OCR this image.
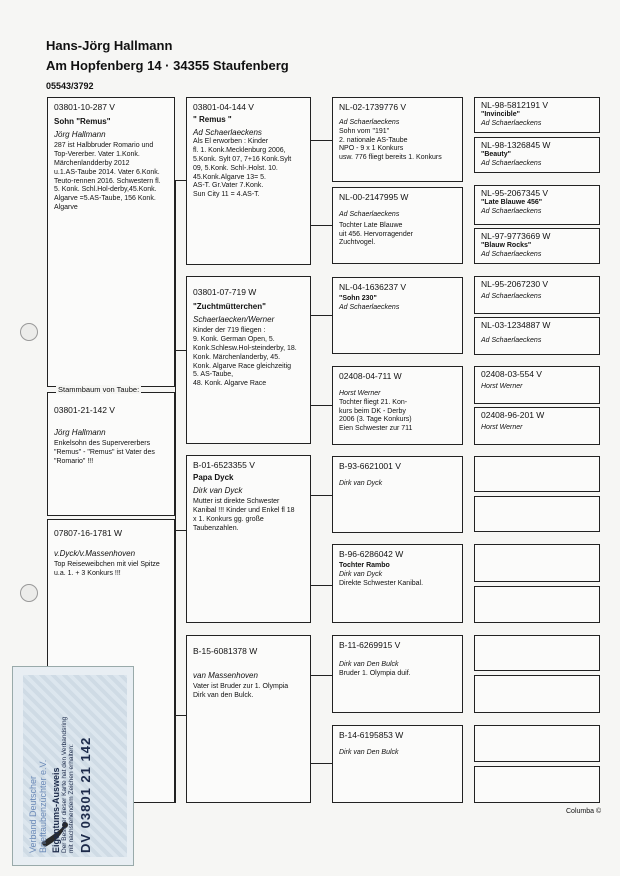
Hans-Jörg Hallmann
Am Hopfenberg 14 · 34355 Staufenberg
05543/3792
03801-10-287 V
Sohn "Remus"
Jörg Hallmann
287 ist Halbbruder Romario und Top-Vererber. Vater 1.Konk. Märchenlandderby 2012
u.1.AS-Taube 2014. Vater 6.Konk. Teuto-rennen 2016. Schwestern fl. 5. Konk. Schl.Hol-derby,45.Konk. Algarve =5.AS-Taube, 156 Konk. Algarve
03801-21-142 V
Jörg Hallmann
Enkelsohn des Supervererbers "Remus" - "Remus" ist Vater des "Romario" !!!
Stammbaum von Taube:
07807-16-1781 W
v.Dyck/v.Massenhoven
Top Reiseweibchen mit viel Spitze u.a. 1. + 3 Konkurs !!!
03801-04-144 V
" Remus "
Ad Schaerlaeckens
Als El erworben : Kinder
fl. 1. Konk.Mecklenburg 2006,
5.Konk. Sylt 07, 7+16 Konk.Sylt
09, 5.Konk. Schl-.Holst. 10.
45.Konk.Algarve 13= 5.
AS-T. Gr.Vater 7.Konk.
Sun City 11 = 4.AS-T.
03801-07-719 W
"Zuchtmütterchen"
Schaerlaecken/Werner
Kinder der 719 fliegen :
9. Konk. German Open, 5.
Konk.Schlesw.Hol-steinderby, 18.
Konk. Märchenlanderby, 45.
Konk. Algarve Race gleichzeitig
5. AS-Taube,
48. Konk. Algarve Race
B-01-6523355 V
Papa Dyck
Dirk van Dyck
Mutter ist direkte Schwester
Kanibal !!! Kinder und Enkel fl 18
x 1. Konkurs gg. große
Taubenzahlen.
B-15-6081378 W
van Massenhoven
Vater ist Bruder zur 1. Olympia
Dirk van den Bulck.
NL-02-1739776 V
Ad Schaerlaeckens
Sohn vom "191"
2. nationale AS-Taube
NPO - 9 x 1 Konkurs
usw. 776 fliegt bereits 1. Konkurs
NL-00-2147995 W
Ad Schaerlaeckens
Tochter Late Blauwe
uit 456. Hervorragender
Zuchtvogel.
NL-04-1636237 V
"Sohn 230"
Ad Schaerlaeckens
02408-04-711 W
Horst Werner
Tochter fliegt 21. Kon-
kurs beim DK - Derby
2006 (3. Tage Konkurs)
Eien Schwester zur 711
B-93-6621001 V
Dirk van Dyck
B-96-6286042 W
Tochter Rambo
Dirk van Dyck
Direkte Schwester Kanibal.
B-11-6269915 V
Dirk van Den Bulck
Bruder 1. Olympia duif.
B-14-6195853 W
Dirk van Den Bulck
NL-98-5812191 V
"Invincible"
Ad Schaerlaeckens
NL-98-1326845 W
"Beauty"
Ad Schaerlaeckens
NL-95-2067345 V
"Late Blauwe 456"
Ad Schaerlaeckens
NL-97-9773669 W
"Blauw Rocks"
Ad Schaerlaeckens
NL-95-2067230 V
Ad Schaerlaeckens
NL-03-1234887 W
Ad Schaerlaeckens
02408-03-554 V
Horst Werner
02408-96-201 W
Horst Werner
Columba ©
Verband Deutscher
Brieftaubenzüchter e.V.
Eigentums-Ausweis Der Besitzer dieser Karte hat den Verbandsring
mit nachstehendem Zeichen erhalten: DV 03801 21 142
